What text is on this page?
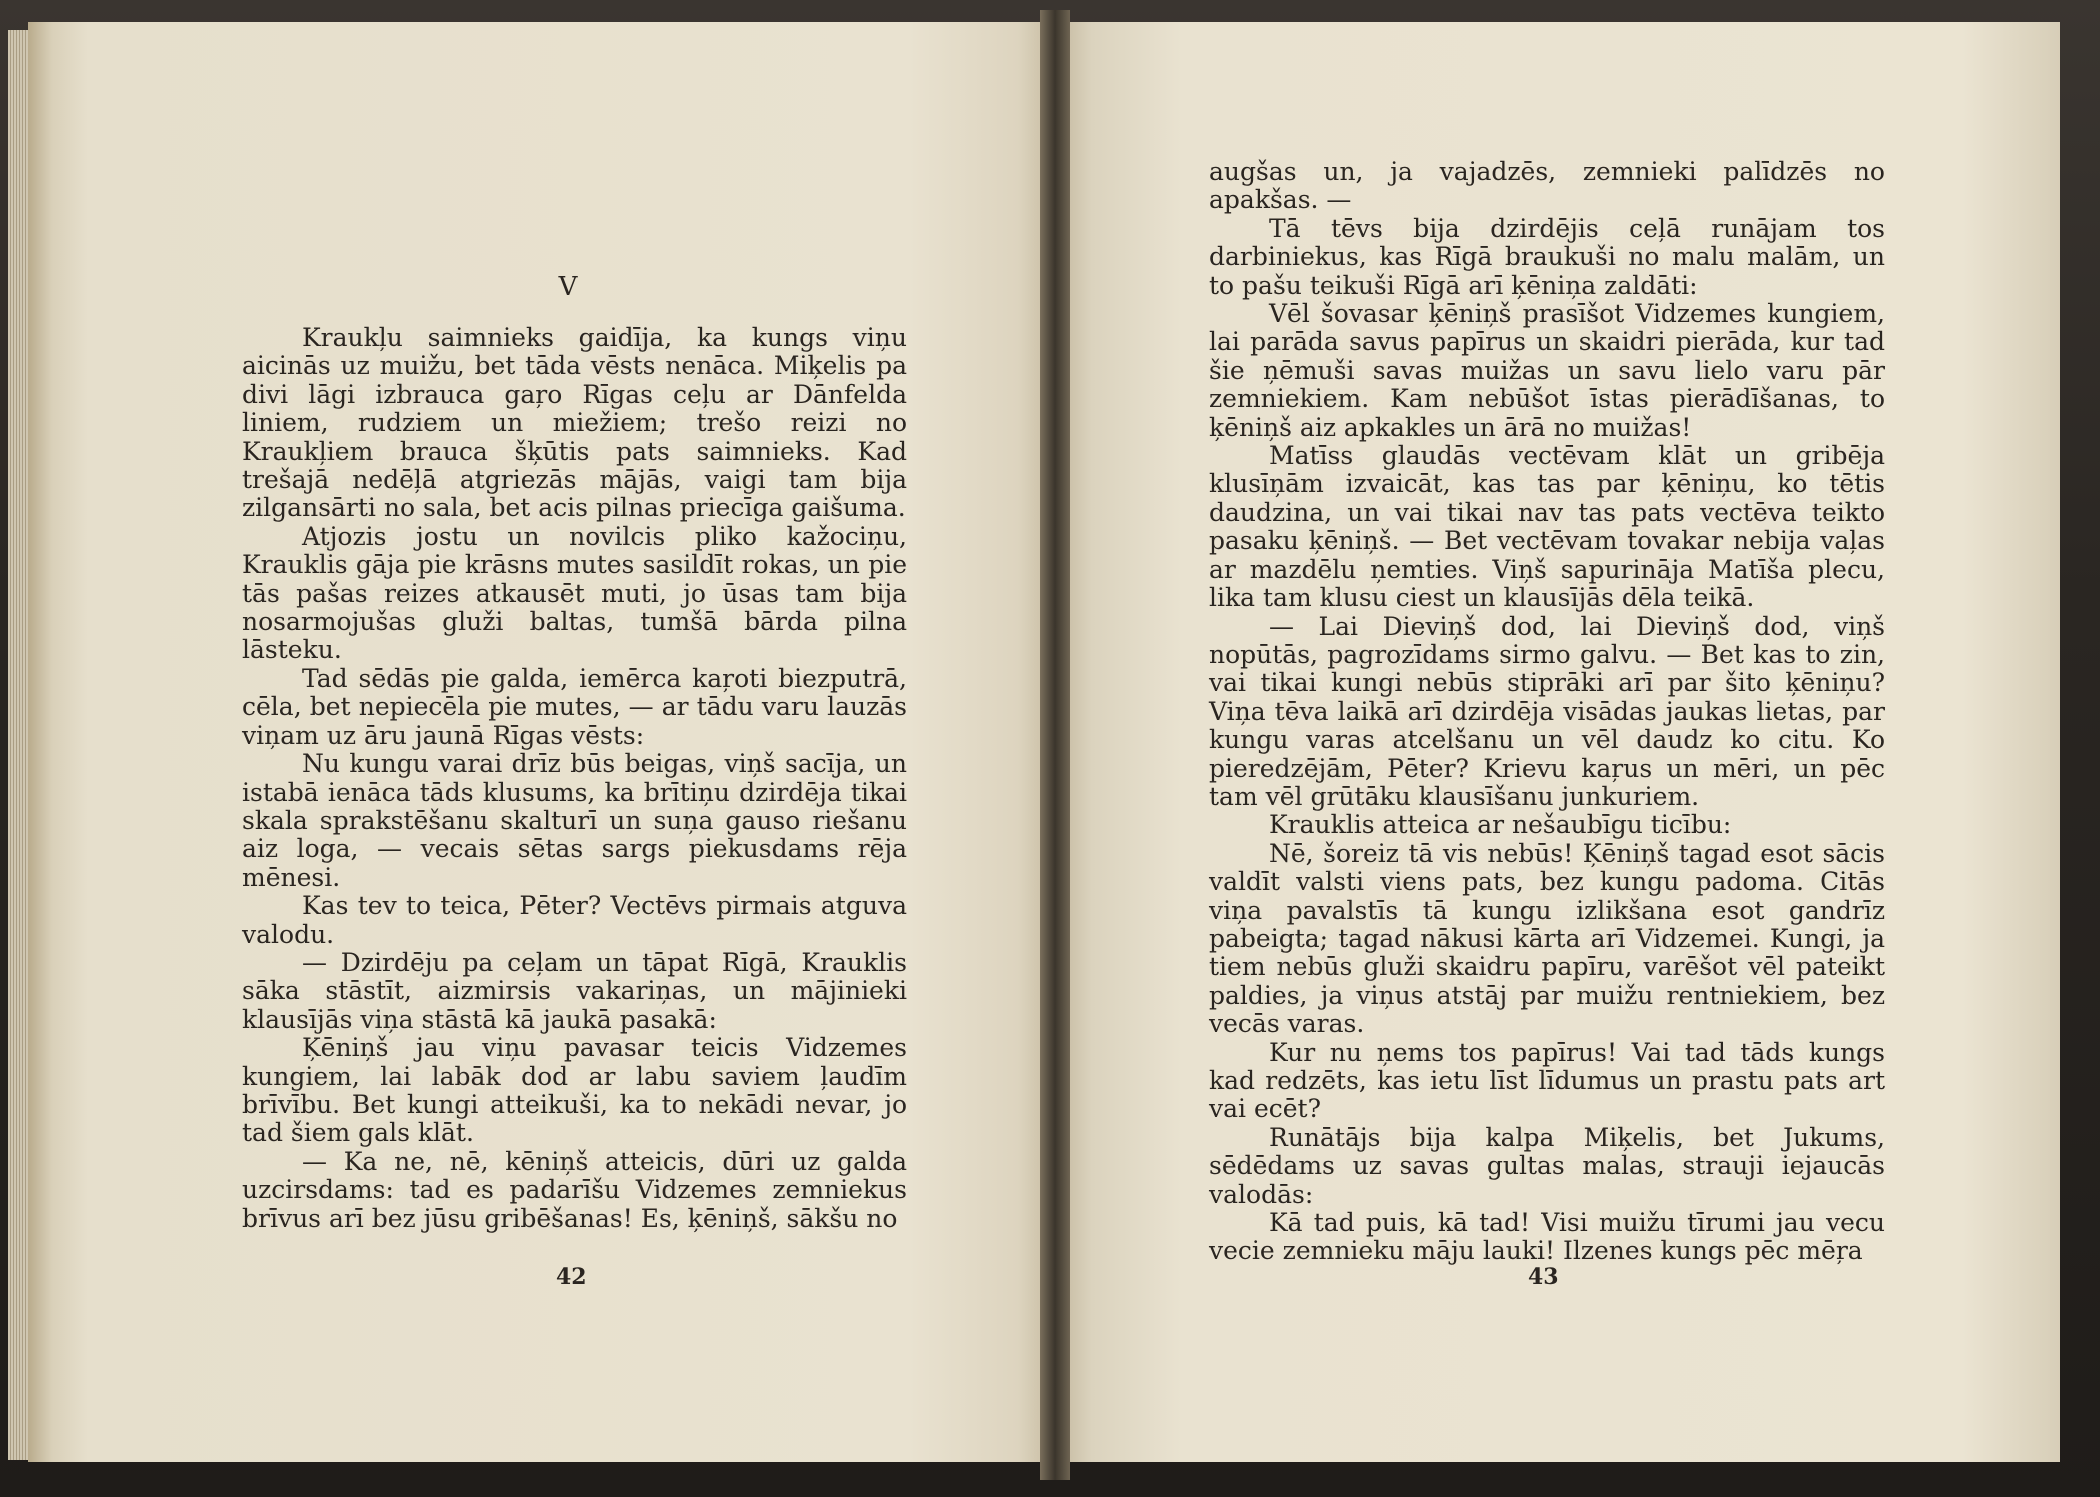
V

Kraukļu saimnieks gaidīja, ka kungs viņu aicinās uz muižu, bet tāda vēsts nenāca. Miķelis pa divi lāgi izbrauca gaŗo Rīgas ceļu ar Dānfelda liniem, rudziem un miežiem; trešo reizi no Kraukļiem brauca šķūtis pats saimnieks. Kad trešajā nedēļā atgriezās mājās, vaigi tam bija zilgansārti no sala, bet acis pilnas priecīga gaišuma.

Atjozis jostu un novilcis pliko kažociņu, Krauklis gāja pie krāsns mutes sasildīt rokas, un pie tās pašas reizes atkausēt muti, jo ūsas tam bija nosarmojušas gluži baltas, tumšā bārda pilna lāsteku.

Tad sēdās pie galda, iemērca kaŗoti biezputrā, cēla, bet nepiecēla pie mutes, — ar tādu varu lauzās viņam uz āru jaunā Rīgas vēsts:

Nu kungu varai drīz būs beigas, viņš sacīja, un istabā ienāca tāds klusums, ka brītiņu dzirdēja tikai skala sprakstēšanu skalturī un suņa gauso riešanu aiz loga, — vecais sētas sargs piekusdams rēja mēnesi.

Kas tev to teica, Pēter? Vectēvs pirmais atguva valodu.

— Dzirdēju pa ceļam un tāpat Rīgā, Krauklis sāka stāstīt, aizmirsis vakariņas, un mājinieki klausījās viņa stāstā kā jaukā pasakā:

Ķēniņš jau viņu pavasar teicis Vidzemes kungiem, lai labāk dod ar labu saviem ļaudīm brīvību. Bet kungi atteikuši, ka to nekādi nevar, jo tad šiem gals klāt.

— Ka ne, nē, kēniņš atteicis, dūri uz galda uzcirsdams: tad es padarīšu Vidzemes zemniekus brīvus arī bez jūsu gribēšanas! Es, ķēniņš, sākšu no

42

augšas un, ja vajadzēs, zemnieki palīdzēs no apakšas. —

Tā tēvs bija dzirdējis ceļā runājam tos darbiniekus, kas Rīgā braukuši no malu malām, un to pašu teikuši Rīgā arī ķēniņa zaldāti:

Vēl šovasar ķēniņš prasīšot Vidzemes kungiem, lai parāda savus papīrus un skaidri pierāda, kur tad šie ņēmuši savas muižas un savu lielo varu pār zemniekiem. Kam nebūšot īstas pierādīšanas, to ķēniņš aiz apkakles un ārā no muižas!

Matīss glaudās vectēvam klāt un gribēja klusīņām izvaicāt, kas tas par ķēniņu, ko tētis daudzina, un vai tikai nav tas pats vectēva teikto pasaku ķēniņš. — Bet vectēvam tovakar nebija vaļas ar mazdēlu ņemties. Viņš sapurināja Matīša plecu, lika tam klusu ciest un klausījās dēla teikā.

— Lai Dieviņš dod, lai Dieviņš dod, viņš nopūtās, pagrozīdams sirmo galvu. — Bet kas to zin, vai tikai kungi nebūs stiprāki arī par šito ķēniņu? Viņa tēva laikā arī dzirdēja visādas jaukas lietas, par kungu varas atcelšanu un vēl daudz ko citu. Ko pieredzējām, Pēter? Krievu kaŗus un mēri, un pēc tam vēl grūtāku klausīšanu junkuriem.

Krauklis atteica ar nešaubīgu ticību:

Nē, šoreiz tā vis nebūs! Ķēniņš tagad esot sācis valdīt valsti viens pats, bez kungu padoma. Citās viņa pavalstīs tā kungu izlikšana esot gandrīz pabeigta; tagad nākusi kārta arī Vidzemei. Kungi, ja tiem nebūs gluži skaidru papīru, varēšot vēl pateikt paldies, ja viņus atstāj par muižu rentniekiem, bez vecās varas.

Kur nu ņems tos papīrus! Vai tad tāds kungs kad redzēts, kas ietu līst līdumus un prastu pats art vai ecēt?

Runātājs bija kalpa Miķelis, bet Jukums, sēdēdams uz savas gultas malas, strauji iejaucās valodās:

Kā tad puis, kā tad! Visi muižu tīrumi jau vecu vecie zemnieku māju lauki! Ilzenes kungs pēc mēŗa

43
